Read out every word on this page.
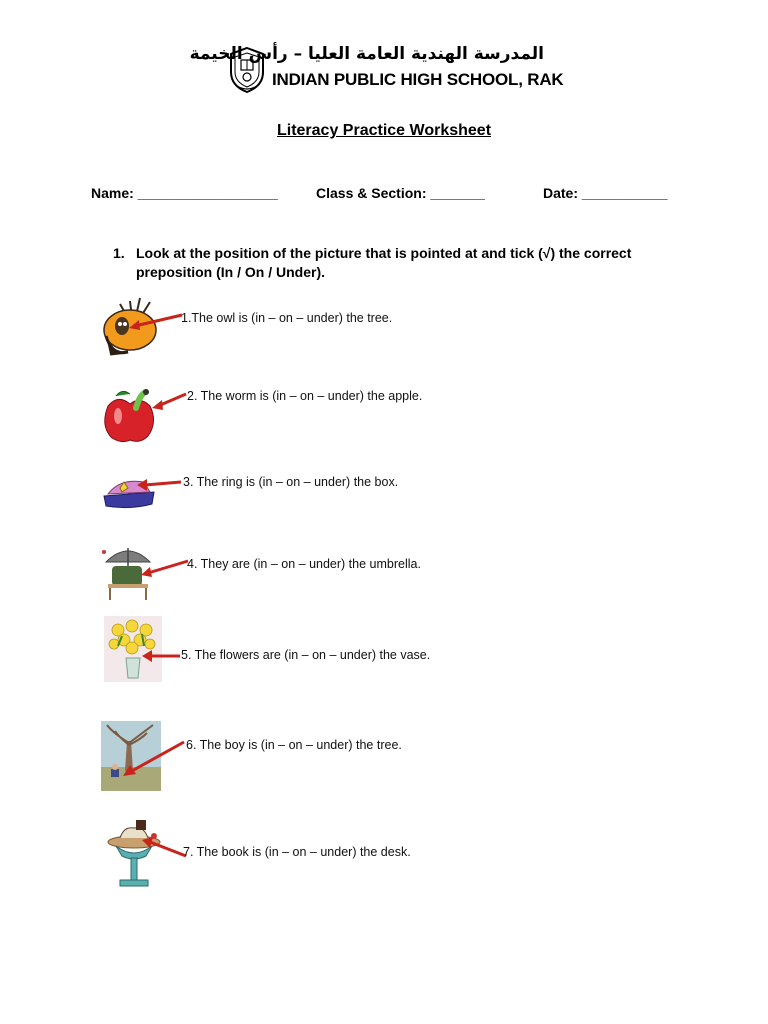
المدرسة الهندية العامة العليا – رأس الخيمة
INDIAN PUBLIC HIGH SCHOOL, RAK
Literacy Practice Worksheet
Name: __________________	Class & Section: _______	Date: ___________
1. Look at the position of the picture that is pointed at and tick (√) the correct preposition (In / On / Under).
1.The owl is (in – on – under) the tree.
2. The worm is (in – on – under) the apple.
3. The ring is (in – on – under) the box.
4. They are (in – on – under) the umbrella.
5. The flowers are (in – on – under) the vase.
6. The boy is (in – on – under) the tree.
7. The book is (in – on – under) the desk.
